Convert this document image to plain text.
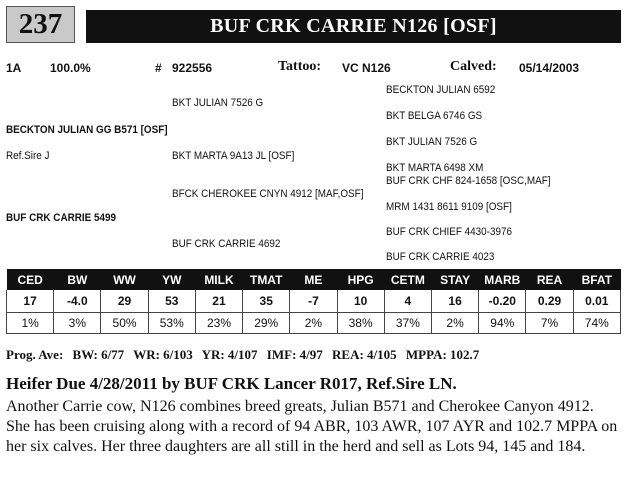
237	BUF CRK CARRIE N126 [OSF]
1A 100.0%	# 922556	Tattoo: VC N126	Calved: 05/14/2003
BKT JULIAN 7526 G
BECKTON JULIAN GG B571 [OSF]
Ref.Sire J	BKT MARTA 9A13 JL [OSF]
BFCK CHEROKEE CNYN 4912 [MAF,OSF]
BUF CRK CARRIE 5499
BUF CRK CARRIE 4692
BECKTON JULIAN 6592
BKT BELGA 6746 GS
BKT JULIAN 7526 G
BKT MARTA 6498 XM
BUF CRK CHF 824-1658 [OSC,MAF]
MRM 1431 8611 9109 [OSF]
BUF CRK CHIEF 4430-3976
BUF CRK CARRIE 4023
CED	BW	WW	YW	MILK	TMAT	ME	HPG	CETM	STAY	MARB	REA	BFAT
17	-4.0	29	53	21	35	-7	10	4	16	-0.20	0.29	0.01
1%	3%	50%	53%	23%	29%	2%	38%	37%	2%	94%	7%	74%
Prog. Ave: BW: 6/77 WR: 6/103 YR: 4/107 IMF: 4/97 REA: 4/105 MPPA: 102.7
Heifer Due 4/28/2011 by BUF CRK Lancer R017, Ref.Sire LN.
Another Carrie cow, N126 combines breed greats, Julian B571 and Cherokee Canyon 4912. She has been cruising along with a record of 94 ABR, 103 AWR, 107 AYR and 102.7 MPPA on her six calves. Her three daughters are all still in the herd and sell as Lots 94, 145 and 184.
